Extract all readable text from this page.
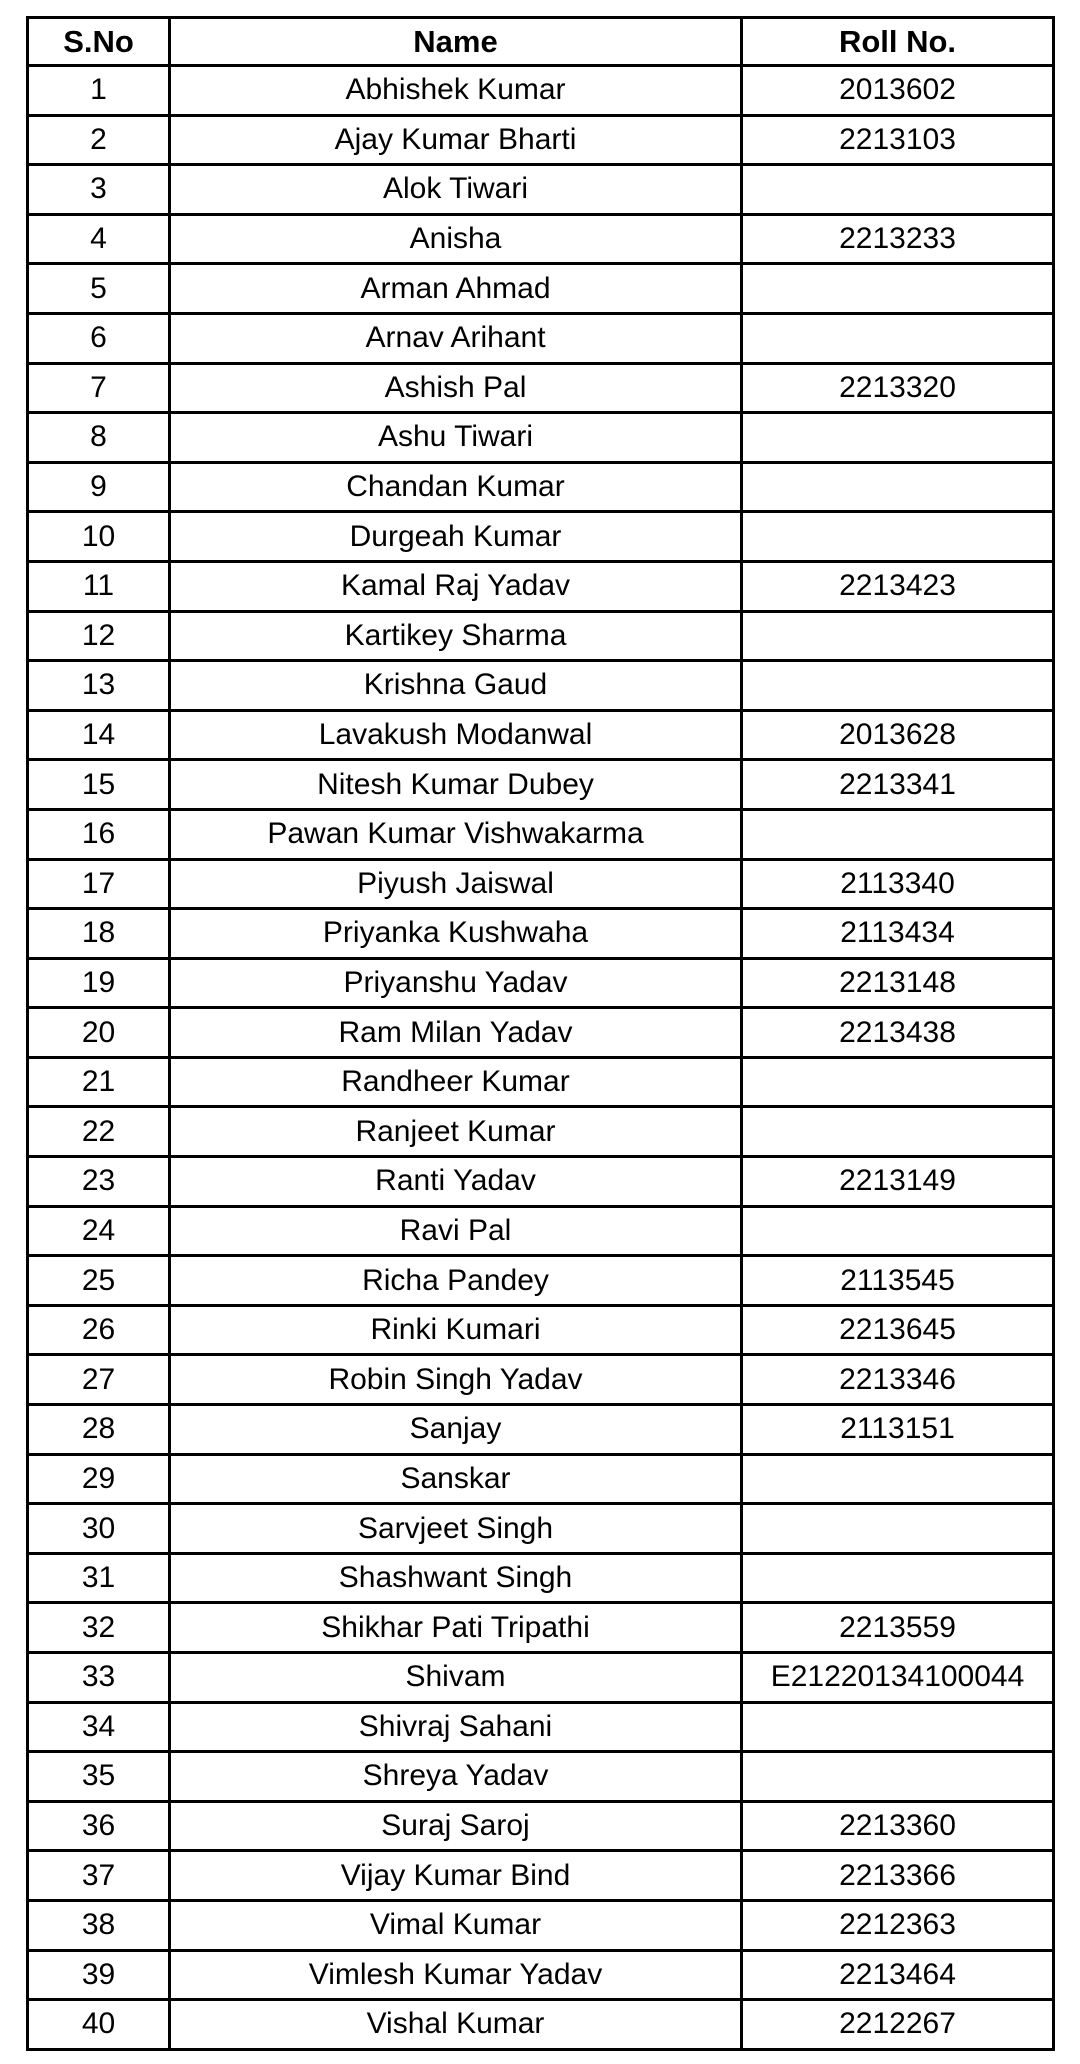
S.No	Name	Roll No.
1	Abhishek Kumar	2013602
2	Ajay Kumar Bharti	2213103
3	Alok Tiwari	
4	Anisha	2213233
5	Arman Ahmad	
6	Arnav Arihant	
7	Ashish Pal	2213320
8	Ashu Tiwari	
9	Chandan Kumar	
10	Durgeah Kumar	
11	Kamal Raj Yadav	2213423
12	Kartikey Sharma	
13	Krishna Gaud	
14	Lavakush Modanwal	2013628
15	Nitesh Kumar Dubey	2213341
16	Pawan Kumar Vishwakarma	
17	Piyush Jaiswal	2113340
18	Priyanka Kushwaha	2113434
19	Priyanshu Yadav	2213148
20	Ram Milan Yadav	2213438
21	Randheer Kumar	
22	Ranjeet Kumar	
23	Ranti Yadav	2213149
24	Ravi Pal	
25	Richa Pandey	2113545
26	Rinki Kumari	2213645
27	Robin Singh Yadav	2213346
28	Sanjay	2113151
29	Sanskar	
30	Sarvjeet Singh	
31	Shashwant Singh	
32	Shikhar Pati Tripathi	2213559
33	Shivam	E21220134100044
34	Shivraj Sahani	
35	Shreya Yadav	
36	Suraj Saroj	2213360
37	Vijay Kumar Bind	2213366
38	Vimal Kumar	2212363
39	Vimlesh Kumar Yadav	2213464
40	Vishal Kumar	2212267
